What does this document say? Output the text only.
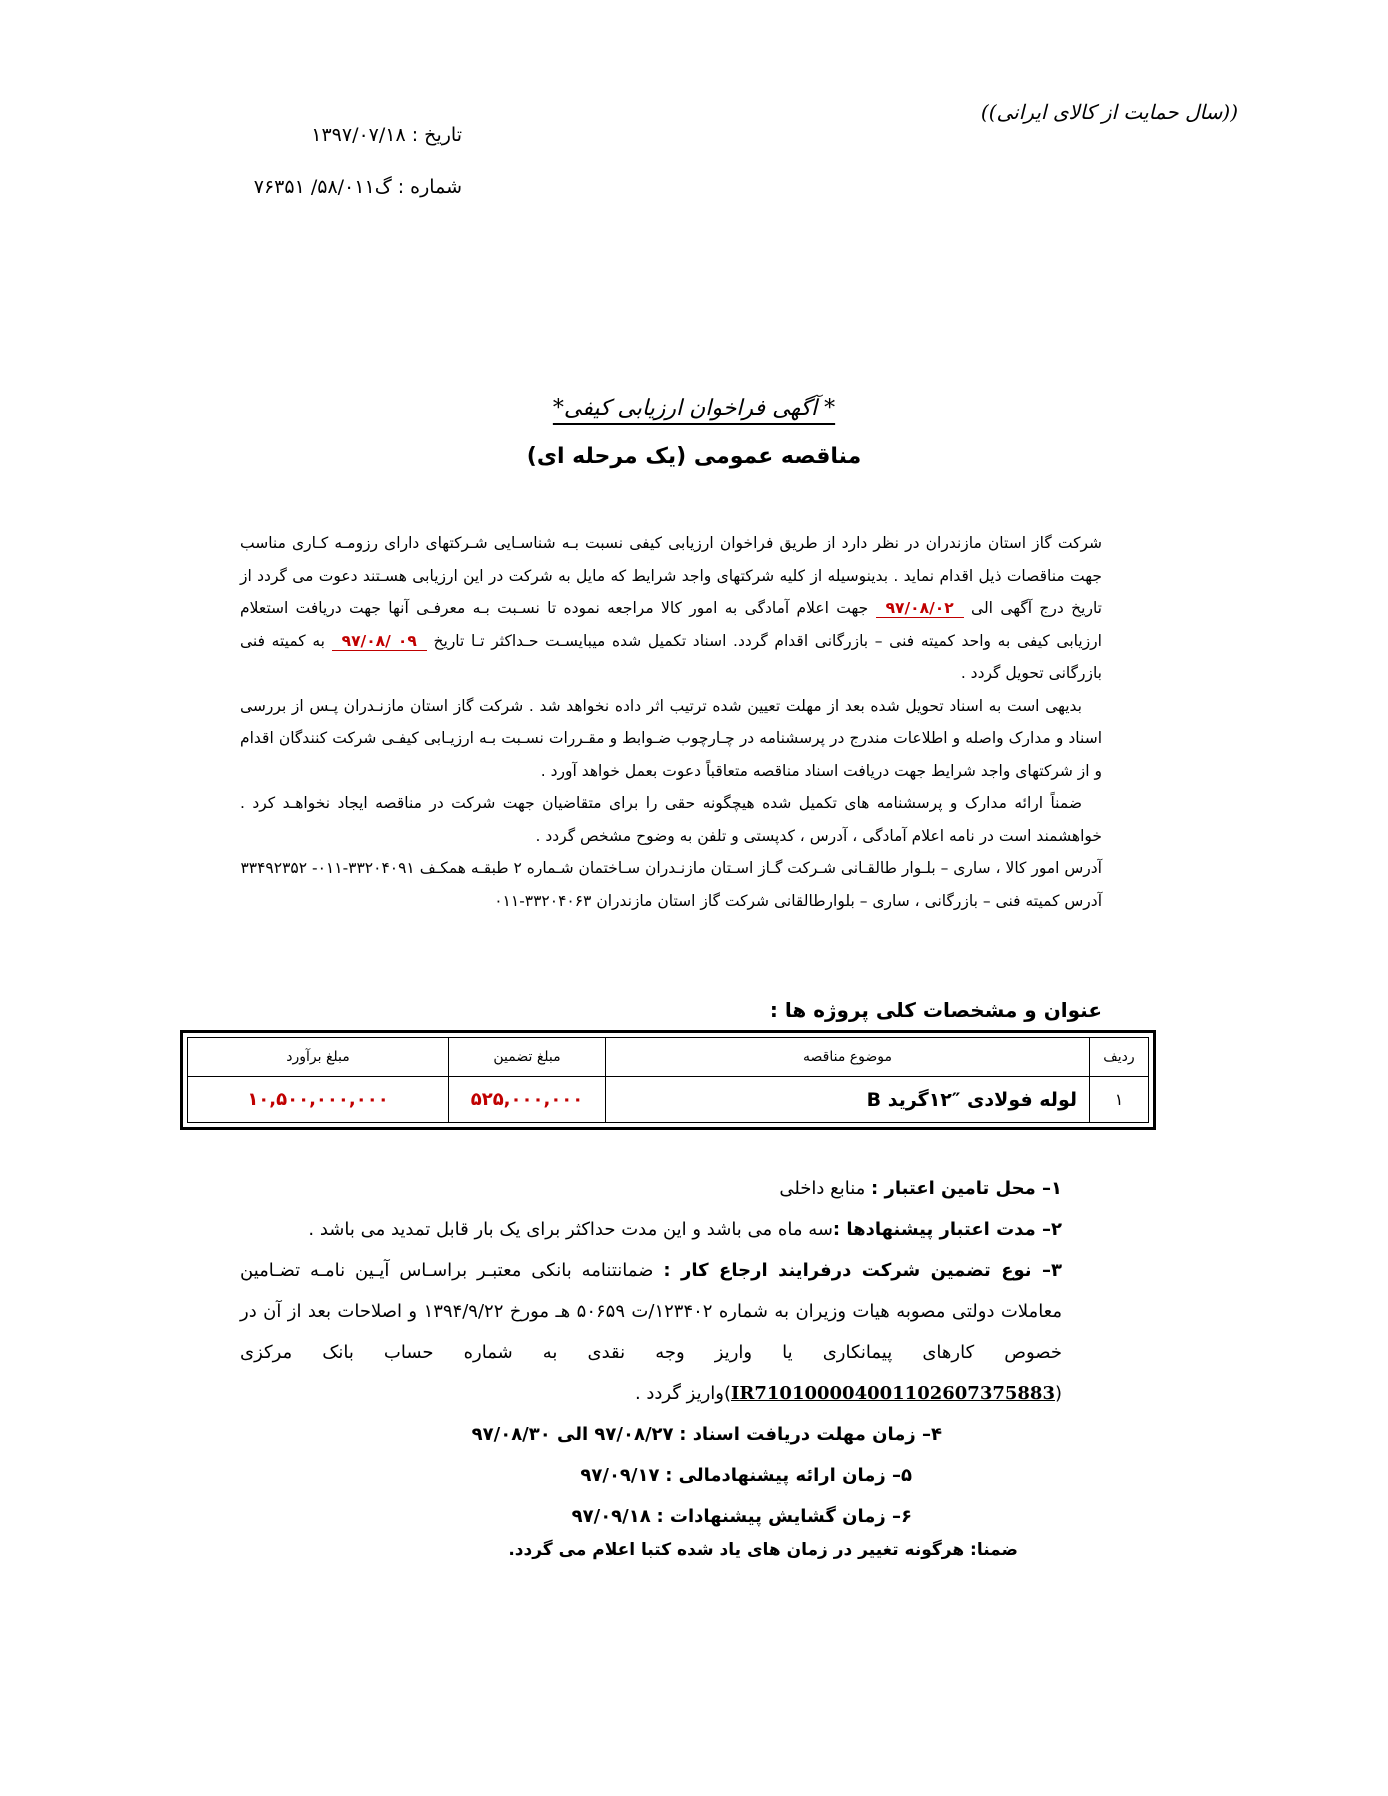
((سال حمایت از کالای ایرانی))
تاریخ : ۱۳۹۷/۰۷/۱۸
شماره : گ۵۸/۰۱۱/ ۷۶۳۵۱
* آگهی فراخوان ارزیابی کیفی*
مناقصه عمومی (یک مرحله ای)

شرکت گاز استان مازندران در نظر دارد از طریق فراخوان ارزیابی کیفی نسبت بـه شناسـایی شـرکتهای دارای رزومـه کـاری مناسب جهت مناقصات ذیل اقدام نماید . بدینوسیله از کلیه شرکتهای واجد شرایط که مایل به شرکت در این ارزیابی هسـتند دعوت می گردد از تاریخ درج آگهی الی ۹۷/۰۸/۰۲ جهت اعلام آمادگی به امور کالا مراجعه نموده تا نسـبت بـه معرفـی آنها جهت دریافت استعلام ارزیابی کیفی به واحد کمیته فنی – بازرگانی اقدام گردد. اسناد تکمیل شده میبایسـت حـداکثر تـا تاریخ ۰۹ /۹۷/۰۸ به کمیته فنی بازرگانی تحویل گردد .

بدیهی است به اسناد تحویل شده بعد از مهلت تعیین شده ترتیب اثر داده نخواهد شد . شرکت گاز استان مازنـدران پـس از بررسی اسناد و مدارک واصله و اطلاعات مندرج در پرسشنامه در چـارچوب ضـوابط و مقـررات نسـبت بـه ارزیـابی کیفـی شرکت کنندگان اقدام و از شرکتهای واجد شرایط جهت دریافت اسناد مناقصه متعاقباً دعوت بعمل خواهد آورد .

ضمناً ارائه مدارک و پرسشنامه های تکمیل شده هیچگونه حقی را برای متقاضیان جهت شرکت در مناقصه ایجاد نخواهـد کرد . خواهشمند است در نامه اعلام آمادگی ، آدرس ، کدپستی و تلفن به وضوح مشخص گردد .

آدرس امور کالا ، ساری – بلـوار طالقـانی شـرکت گـاز اسـتان مازنـدران سـاختمان شـماره ۲ طبقـه همکـف ۳۳۲۰۴۰۹۱-۰۱۱- ۳۳۴۹۲۳۵۲

آدرس کمیته فنی – بازرگانی ، ساری – بلوارطالقانی شرکت گاز استان مازندران ۳۳۲۰۴۰۶۳-۰۱۱

عنوان و مشخصات کلی پروژه ها :
ردیف	موضوع مناقصه	مبلغ تضمین	مبلغ برآورد
۱	لوله فولادی ″۱۲گرید B	۵۲۵,۰۰۰,۰۰۰	۱۰,۵۰۰,۰۰۰,۰۰۰

۱– محل تامین اعتبار : منابع داخلی

۲– مدت اعتبار پیشنهادها :سه ماه می باشد و این مدت حداکثر برای یک بار قابل تمدید می باشد .

۳– نوع تضمین شرکت درفرایند ارجاع کار : ضمانتنامه بانکی معتبـر براسـاس آیـین نامـه تضـامین معاملات دولتی مصوبه هیات وزیران به شماره ۱۲۳۴۰۲/ت ۵۰۶۵۹ هـ مورخ ۱۳۹۴/۹/۲۲ و اصلاحات بعد از آن در خصوص کارهای پیمانکاری یا واریز وجه نقدی به شماره حساب بانک مرکزی (IR710100004001102607375883)واریز گردد .

۴– زمان مهلت دریافت اسناد : ۹۷/۰۸/۲۷ الی ۹۷/۰۸/۳۰

۵– زمان ارائه پیشنهادمالی : ۹۷/۰۹/۱۷

۶– زمان گشایش پیشنهادات : ۹۷/۰۹/۱۸

ضمنا: هرگونه تغییر در زمان های یاد شده کتبا اعلام می گردد.
